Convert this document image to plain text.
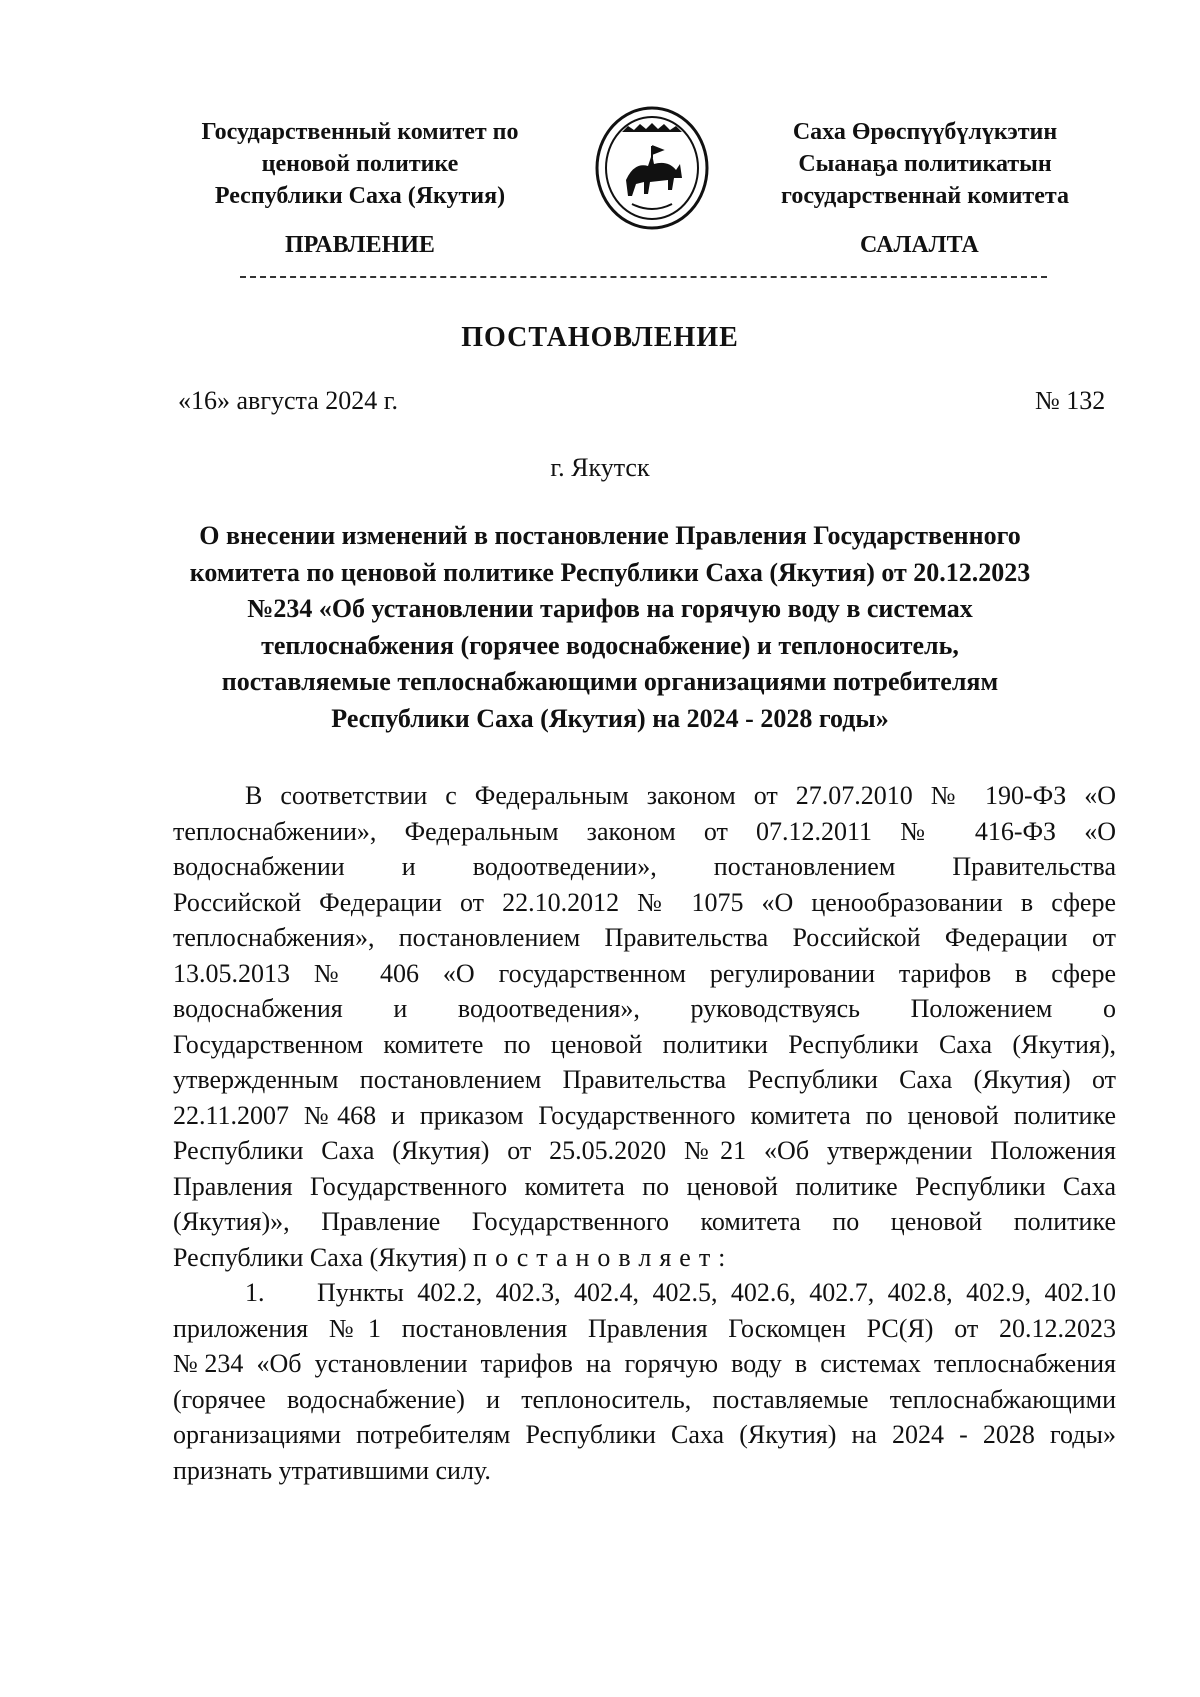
Государственный комитет по
ценовой политике
Республики Саха (Якутия)
Саха Өрөспүүбүлүкэтин
Сыанаҕа политикатын
государственнай комитета
ПРАВЛЕНИЕ	САЛАЛТА
ПОСТАНОВЛЕНИЕ
«16» августа 2024 г.	№ 132
г. Якутск
О внесении изменений в постановление Правления Государственного
комитета по ценовой политике Республики Саха (Якутия) от 20.12.2023
№234 «Об установлении тарифов на горячую воду в системах
теплоснабжения (горячее водоснабжение) и теплоноситель,
поставляемые теплоснабжающими организациями потребителям
Республики Саха (Якутия) на 2024 - 2028 годы»
В соответствии с Федеральным законом от 27.07.2010 № 190-ФЗ «О
теплоснабжении», Федеральным законом от 07.12.2011 № 416-ФЗ «О
водоснабжении и водоотведении», постановлением Правительства
Российской Федерации от 22.10.2012 № 1075 «О ценообразовании в сфере
теплоснабжения», постановлением Правительства Российской Федерации от
13.05.2013 № 406 «О государственном регулировании тарифов в сфере
водоснабжения и водоотведения», руководствуясь Положением о
Государственном комитете по ценовой политики Республики Саха (Якутия),
утвержденным постановлением Правительства Республики Саха (Якутия) от
22.11.2007 №468 и приказом Государственного комитета по ценовой политике
Республики Саха (Якутия) от 25.05.2020 №21 «Об утверждении Положения
Правления Государственного комитета по ценовой политике Республики Саха
(Якутия)», Правление Государственного комитета по ценовой политике
Республики Саха (Якутия) постановляет:
1. Пункты 402.2, 402.3, 402.4, 402.5, 402.6, 402.7, 402.8, 402.9, 402.10
приложения №1 постановления Правления Госкомцен РС(Я) от 20.12.2023
№234 «Об установлении тарифов на горячую воду в системах теплоснабжения
(горячее водоснабжение) и теплоноситель, поставляемые теплоснабжающими
организациями потребителям Республики Саха (Якутия) на 2024 - 2028 годы»
признать утратившими силу.
